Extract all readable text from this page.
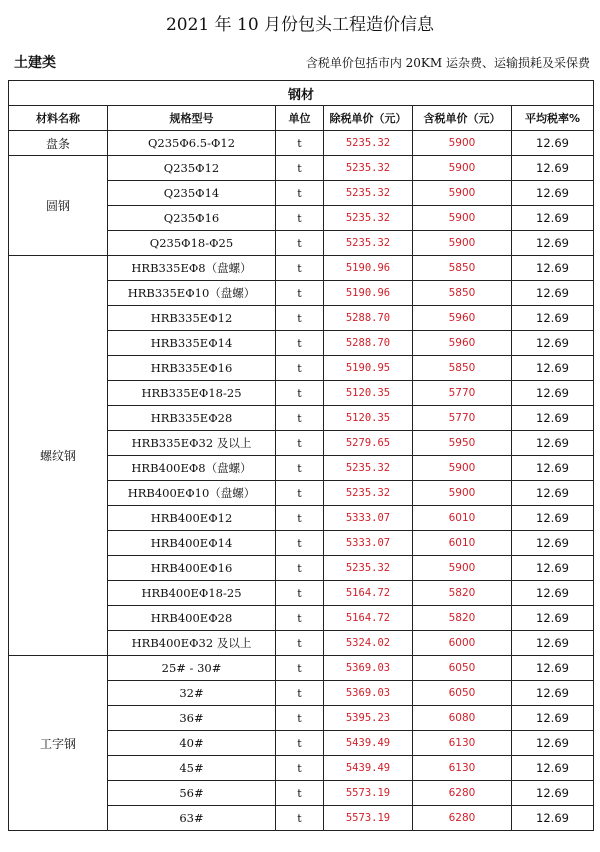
2021 年 10 月份包头工程造价信息
土建类	含税单价包括市内 20KM 运杂费、运输损耗及采保费
钢材					
材料名称	规格型号	单位	除税单价（元）	含税单价（元）	平均税率%
盘条	Q235Φ6.5-Φ12	t	5235.32	5900	12.69
圆钢	Q235Φ12	t	5235.32	5900	12.69
	Q235Φ14	t	5235.32	5900	12.69
	Q235Φ16	t	5235.32	5900	12.69
	Q235Φ18-Φ25	t	5235.32	5900	12.69
螺纹钢	HRB335EΦ8（盘螺）	t	5190.96	5850	12.69
	HRB335EΦ10（盘螺）	t	5190.96	5850	12.69
	HRB335EΦ12	t	5288.70	5960	12.69
	HRB335EΦ14	t	5288.70	5960	12.69
	HRB335EΦ16	t	5190.95	5850	12.69
	HRB335EΦ18-25	t	5120.35	5770	12.69
	HRB335EΦ28	t	5120.35	5770	12.69
	HRB335EΦ32 及以上	t	5279.65	5950	12.69
	HRB400EΦ8（盘螺）	t	5235.32	5900	12.69
	HRB400EΦ10（盘螺）	t	5235.32	5900	12.69
	HRB400EΦ12	t	5333.07	6010	12.69
	HRB400EΦ14	t	5333.07	6010	12.69
	HRB400EΦ16	t	5235.32	5900	12.69
	HRB400EΦ18-25	t	5164.72	5820	12.69
	HRB400EΦ28	t	5164.72	5820	12.69
	HRB400EΦ32 及以上	t	5324.02	6000	12.69
工字钢	25# - 30#	t	5369.03	6050	12.69
	32#	t	5369.03	6050	12.69
	36#	t	5395.23	6080	12.69
	40#	t	5439.49	6130	12.69
	45#	t	5439.49	6130	12.69
	56#	t	5573.19	6280	12.69
	63#	t	5573.19	6280	12.69
